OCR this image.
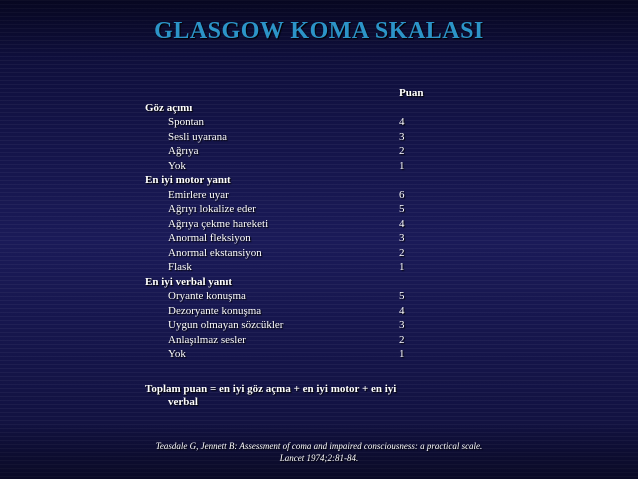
GLASGOW KOMA SKALASI
Puan
Göz açımı
Spontan	4
Sesli uyarana	3
Ağrıya	2
Yok	1
En iyi motor yanıt
Emirlere uyar	6
Ağrıyı lokalize eder	5
Ağrıya çekme hareketi	4
Anormal fleksiyon	3
Anormal ekstansiyon	2
Flask	1
En iyi verbal yanıt
Oryante konuşma	5
Dezoryante konuşma	4
Uygun olmayan sözcükler	3
Anlaşılmaz sesler	2
Yok	1
Toplam puan = en iyi göz açma + en iyi motor + en iyi
verbal
Teasdale G, Jennett B: Assessment of coma and impaired consciousness: a practical scale.
Lancet 1974;2:81-84.
